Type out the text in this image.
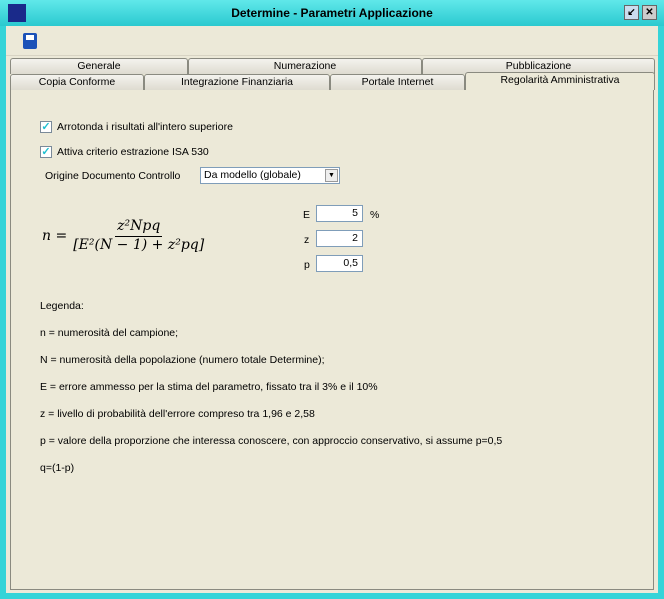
Determine - Parametri Applicazione	↙ ✕
Generale	Numerazione	Pubblicazione
Copia Conforme	Integrazione Finanziaria	Portale Internet	Regolarità Amministrativa
✓ Arrotonda i risultati all'intero superiore
✓ Attiva criterio estrazione ISA 530
Origine Documento Controllo	Da modello (globale)	▼
$n = \frac{\text{z²Npq}}{\text{[E²(N − 1) + z²pq]}}$
E	5	%
z	2
p	0,5
Legenda:
n = numerosità del campione;
N = numerosità della popolazione (numero totale Determine);
E = errore ammesso per la stima del parametro, fissato tra il 3% e il 10%
z = livello di probabilità dell'errore compreso tra 1,96 e 2,58
p = valore della proporzione che interessa conoscere, con approccio conservativo, si assume p=0,5
q=(1-p)
